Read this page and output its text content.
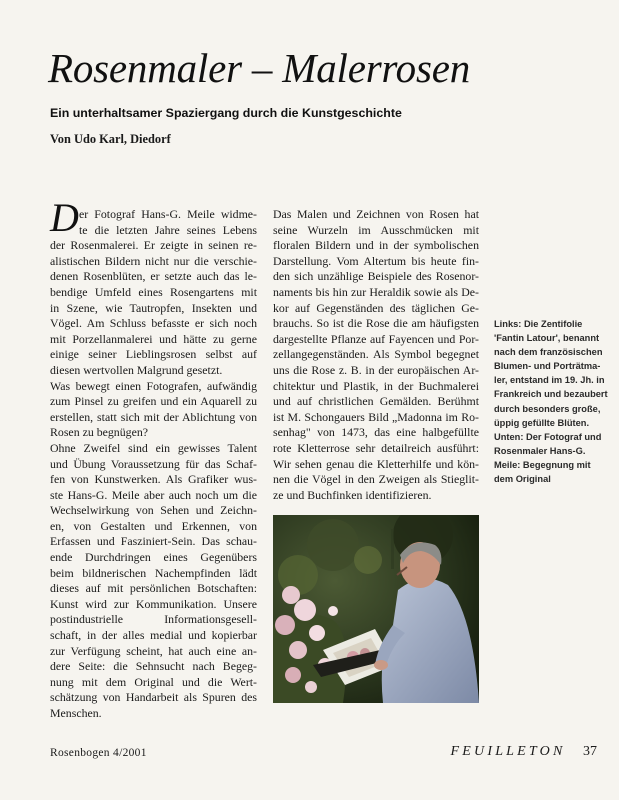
Rosenmaler – Malerrosen
Ein unterhaltsamer Spaziergang durch die Kunstgeschichte
Von Udo Karl, Diedorf
D er Fotograf Hans-G. Meile widme-
te die letzten Jahre seines Lebens
der Rosenmalerei. Er zeigte in seinen re-
alistischen Bildern nicht nur die verschie-
denen Rosenblüten, er setzte auch das le-
bendige Umfeld eines Rosengartens mit
in Szene, wie Tautropfen, Insekten und
Vögel. Am Schluss befasste er sich noch
mit Porzellanmalerei und hätte zu gerne
einige seiner Lieblingsrosen selbst auf
diesen wertvollen Malgrund gesetzt.
Was bewegt einen Fotografen, aufwändig
zum Pinsel zu greifen und ein Aquarell zu
erstellen, statt sich mit der Ablichtung von
Rosen zu begnügen?
Ohne Zweifel sind ein gewisses Talent
und Übung Voraussetzung für das Schaf-
fen von Kunstwerken. Als Grafiker wus-
ste Hans-G. Meile aber auch noch um die
Wechselwirkung von Sehen und Zeichn-
en, von Gestalten und Erkennen, von
Erfassen und Fasziniert-Sein. Das schau-
ende Durchdringen eines Gegenübers
beim bildnerischen Nachempfinden lädt
dieses auf mit persönlichen Botschaften:
Kunst wird zur Kommunikation. Unsere
postindustrielle Informationsgesell-
schaft, in der alles medial und kopierbar
zur Verfügung scheint, hat auch eine an-
dere Seite: die Sehnsucht nach Begeg-
nung mit dem Original und die Wert-
schätzung von Handarbeit als Spuren des
Menschen.
Das Malen und Zeichnen von Rosen hat
seine Wurzeln im Ausschmücken mit
floralen Bildern und in der symbolischen
Darstellung. Vom Altertum bis heute fin-
den sich unzählige Beispiele des Rosenor-
naments bis hin zur Heraldik sowie als De-
kor auf Gegenständen des täglichen Ge-
brauchs. So ist die Rose die am häufigsten
dargestellte Pflanze auf Fayencen und Por-
zellangegenständen. Als Symbol begegnet
uns die Rose z. B. in der europäischen Ar-
chitektur und Plastik, in der Buchmalerei
und auf christlichen Gemälden. Berühmt
ist M. Schongauers Bild „Madonna im Ro-
senhag" von 1473, das eine halbgefüllte
rote Kletterrose sehr detailreich ausführt:
Wir sehen genau die Kletterhilfe und kön-
nen die Vögel in den Zweigen als Stieglit-
ze und Buchfinken identifizieren.
Links: Die Zentifolie
'Fantin Latour', benannt
nach dem französischen
Blumen- und Porträtma-
ler, entstand im 19. Jh. in
Frankreich und bezaubert
durch besonders große,
üppig gefüllte Blüten.
Unten: Der Fotograf und
Rosenmaler Hans-G.
Meile: Begegnung mit
dem Original
Rosenbogen 4/2001	FEUILLETON 37
